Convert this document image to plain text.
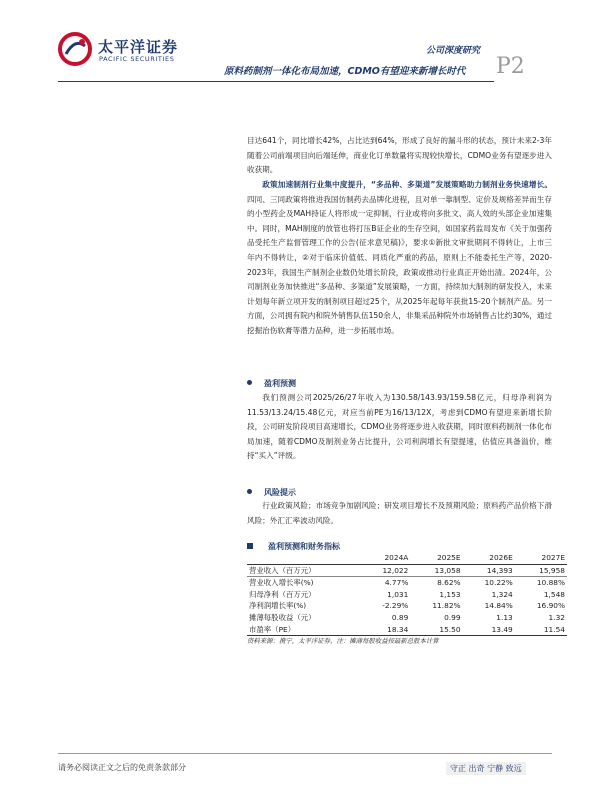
太平洋证券
PACIFIC SECURITIES
公司深度研究
原料药制剂一体化布局加速，CDMO有望迎来新增长时代 P2

目达641个，同比增长42%，占比达到64%，形成了良好的漏斗形的状态，预计未来2-3年随着公司前端项目向后端延伸，商业化订单数量将实现较快增长，CDMO业务有望逐步进入收获期。

政策加速制剂行业集中度提升，“多品种、多渠道”发展策略助力制剂业务快速增长。四同、三同政策将推进我国仿制药去品牌化进程，且对单一靠制型、定价及规格差异而生存的小型药企及MAH持证人将形成一定抑制，行业或将向多批文、高人效的头部企业加速集中。同时，MAH制度的放管也将打压B证企业的生存空间，如国家药监局发布《关于加强药品受托生产监督管理工作的公告(征求意见稿)》，要求①新批文审批期间不得转让，上市三年内不得转让，②对于临床价值低、同质化严重的药品，原则上不能委托生产等，2020-2023年，我国生产制剂企业数仍处增长阶段，政策或推动行业真正开始出清。2024年，公司制剂业务加快推进“多品种、多渠道”发展策略，一方面，持续加大制剂的研发投入，未来计划每年新立项开发的制剂项目超过25个，从2025年起每年获批15-20个制剂产品。另一方面，公司拥有院内和院外销售队伍150余人，非集采品种院外市场销售占比约30%，通过挖掘治伤软膏等潜力品种，进一步拓展市场。

盈利预测

我们预测公司2025/26/27年收入为130.58/143.93/159.58亿元，归母净利润为11.53/13.24/15.48亿元，对应当前PE为16/13/12X，考虑到CDMO有望迎来新增长阶段，公司研发阶段项目高速增长，CDMO业务将逐步进入收获期，同时原料药制剂一体化布局加速，随着CDMO及制剂业务占比提升，公司利润增长有望提速，估值应具备溢价，维持“买入”评级。

风险提示

行业政策风险；市场竞争加剧风险；研发项目增长不及预期风险；原料药产品价格下滑风险；外汇汇率波动风险。

盈利预测和财务指标
	2024A	2025E	2026E	2027E
营业收入（百万元）	12,022	13,058	14,393	15,958
营业收入增长率(%)	4.77%	8.62%	10.22%	10.88%
归母净利（百万元）	1,031	1,153	1,324	1,548
净利润增长率(%)	-2.29%	11.82%	14.84%	16.90%
摊薄每股收益（元）	0.89	0.99	1.13	1.32
市盈率（PE）	18.34	15.50	13.49	11.54
资料来源：携宁，太平洋证券，注：摊薄每股收益按最新总股本计算
请务必阅读正文之后的免责条款部分	守正 出奇 宁静 致远
